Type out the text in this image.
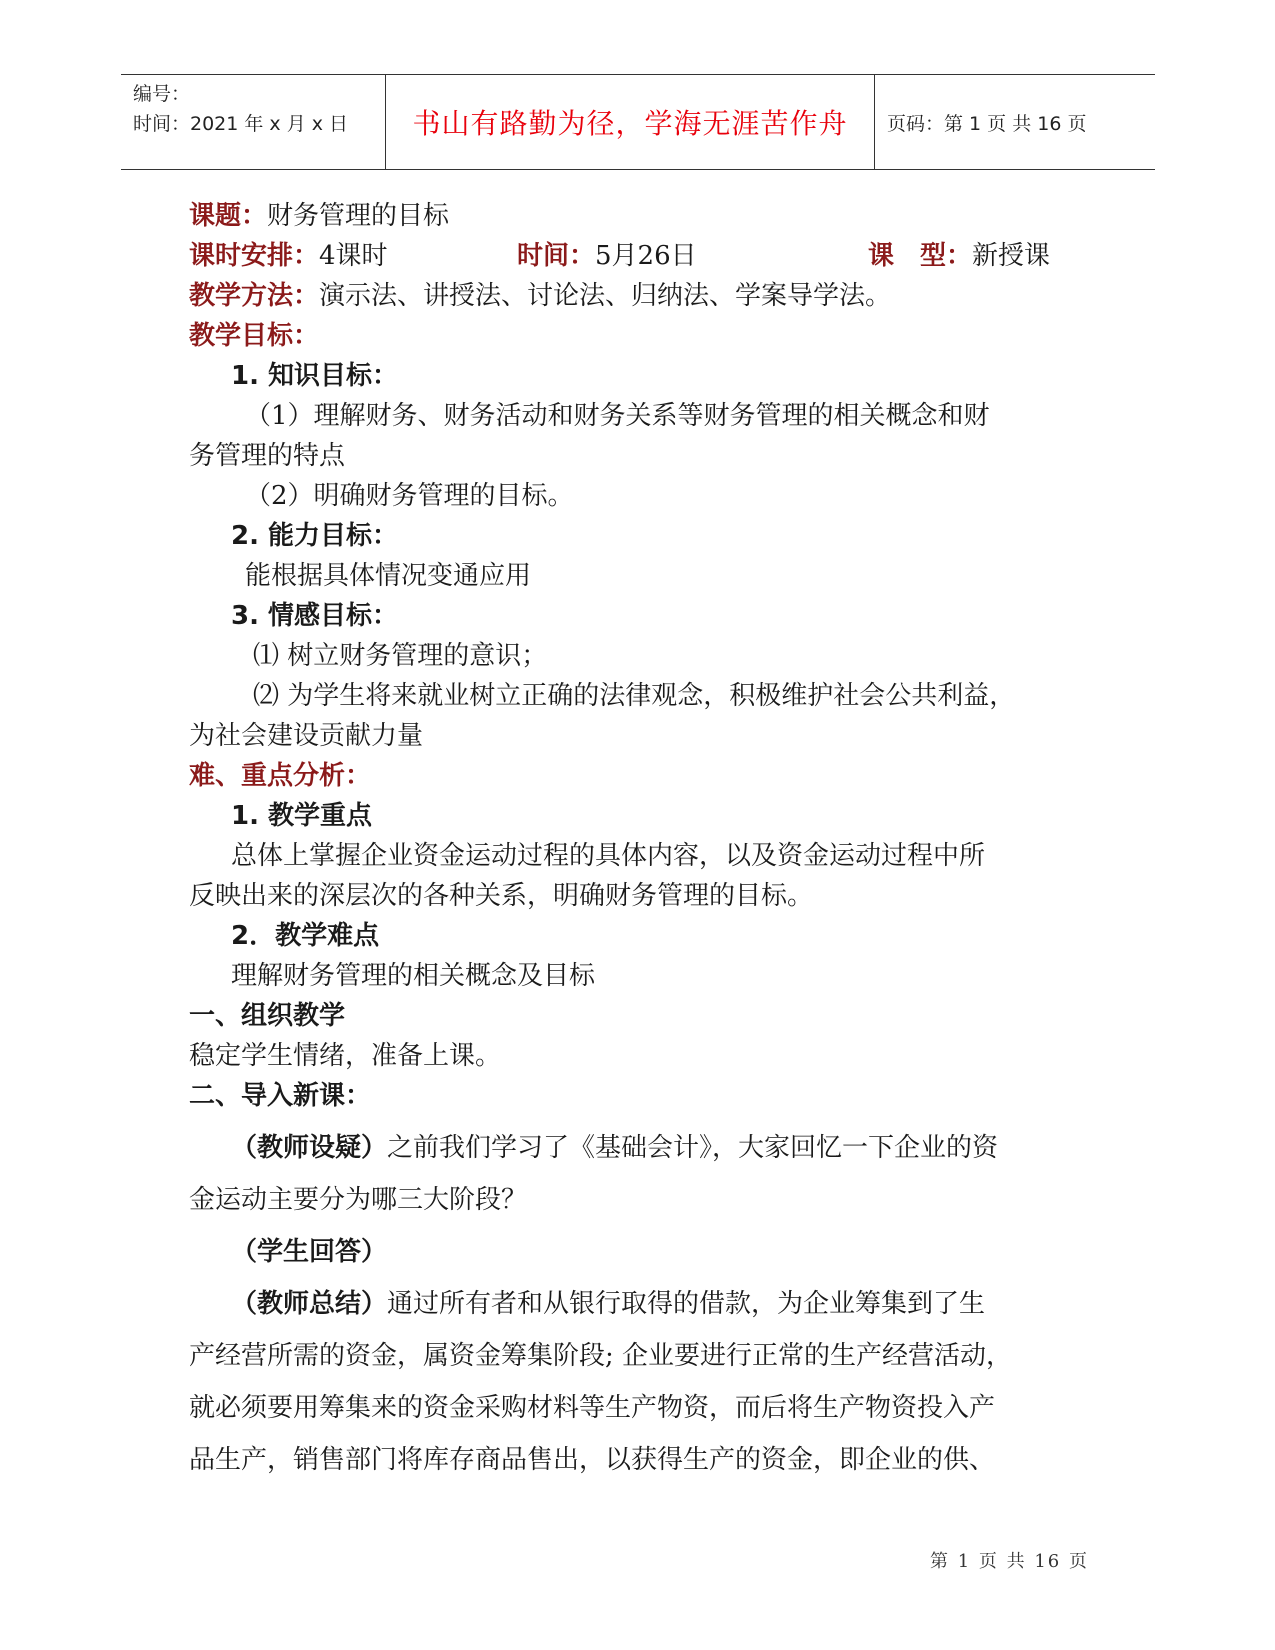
编号：
时间：2021 年 x 月 x 日	书山有路勤为径，学海无涯苦作舟	页码：第 1 页 共 16 页
课题：财务管理的目标
课时安排：4课时	时间：5月26日	课　型：新授课
教学方法：演示法、讲授法、讨论法、归纳法、学案导学法。
教学目标：
1. 知识目标：
（1）理解财务、财务活动和财务关系等财务管理的相关概念和财
务管理的特点
（2）明确财务管理的目标。
2. 能力目标：
能根据具体情况变通应用
3. 情感目标：
⑴ 树立财务管理的意识；
⑵ 为学生将来就业树立正确的法律观念，积极维护社会公共利益，
为社会建设贡献力量
难、重点分析：
1. 教学重点
总体上掌握企业资金运动过程的具体内容，以及资金运动过程中所
反映出来的深层次的各种关系，明确财务管理的目标。
2．教学难点
理解财务管理的相关概念及目标
一、组织教学
稳定学生情绪，准备上课。
二、导入新课：
（教师设疑）之前我们学习了《基础会计》，大家回忆一下企业的资
金运动主要分为哪三大阶段？
（学生回答）
（教师总结）通过所有者和从银行取得的借款，为企业筹集到了生
产经营所需的资金，属资金筹集阶段; 企业要进行正常的生产经营活动，
就必须要用筹集来的资金采购材料等生产物资，而后将生产物资投入产
品生产，销售部门将库存商品售出，以获得生产的资金，即企业的供、
第 1 页 共 16 页
